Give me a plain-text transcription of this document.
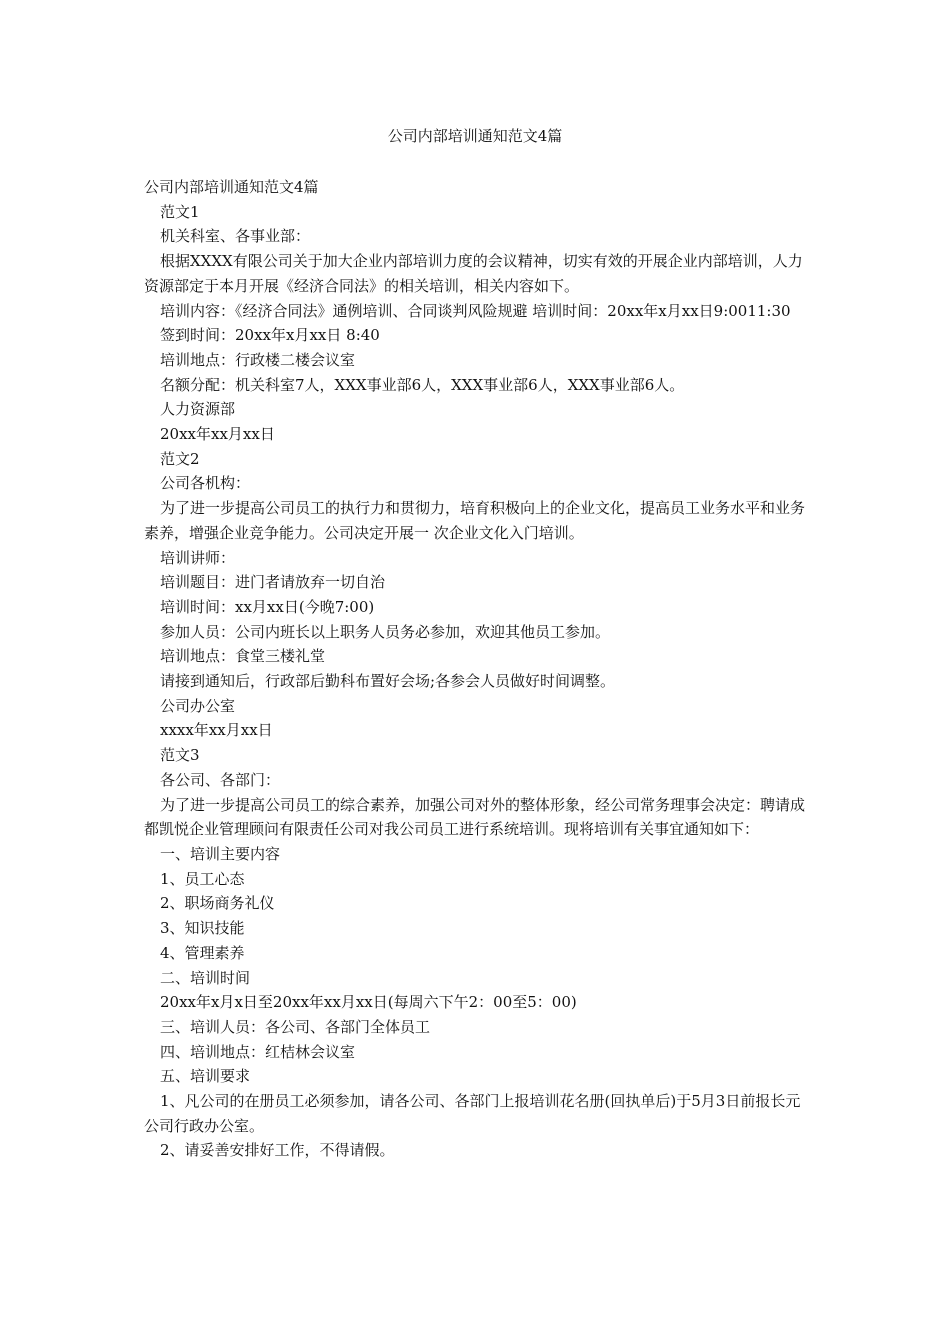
公司内部培训通知范文4篇

公司内部培训通知范文4篇

范文1

机关科室、各事业部：

根据XXXX有限公司关于加大企业内部培训力度的会议精神，切实有效的开展企业内部培训，人力资源部定于本月开展《经济合同法》的相关培训，相关内容如下。

培训内容：《经济合同法》通例培训、合同谈判风险规避 培训时间：20xx年x月xx日9:0011:30

签到时间：20xx年x月xx日 8:40

培训地点：行政楼二楼会议室

名额分配：机关科室7人，XXX事业部6人，XXX事业部6人，XXX事业部6人。

人力资源部

20xx年xx月xx日

范文2

公司各机构：

为了进一步提高公司员工的执行力和贯彻力，培育积极向上的企业文化，提高员工业务水平和业务素养，增强企业竞争能力。公司决定开展一 次企业文化入门培训。

培训讲师：

培训题目：进门者请放弃一切自治

培训时间：xx月xx日(今晚7:00)

参加人员：公司内班长以上职务人员务必参加，欢迎其他员工参加。

培训地点：食堂三楼礼堂

请接到通知后，行政部后勤科布置好会场;各参会人员做好时间调整。

公司办公室

xxxx年xx月xx日

范文3

各公司、各部门：

为了进一步提高公司员工的综合素养，加强公司对外的整体形象，经公司常务理事会决定：聘请成都凯悦企业管理顾问有限责任公司对我公司员工进行系统培训。现将培训有关事宜通知如下：

一、培训主要内容

1、员工心态

2、职场商务礼仪

3、知识技能

4、管理素养

二、培训时间

20xx年x月x日至20xx年xx月xx日(每周六下午2：00至5：00)

三、培训人员：各公司、各部门全体员工

四、培训地点：红桔林会议室

五、培训要求

1、凡公司的在册员工必须参加，请各公司、各部门上报培训花名册(回执单后)于5月3日前报长元公司行政办公室。

2、请妥善安排好工作，不得请假。
